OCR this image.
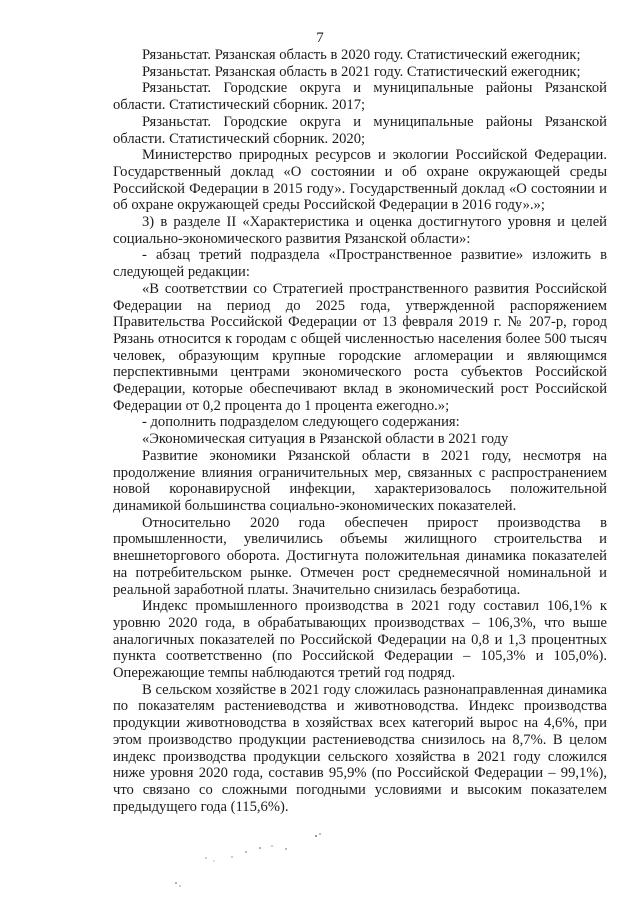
7

Рязаньстат. Рязанская область в 2020 году. Статистический ежегодник;

Рязаньстат. Рязанская область в 2021 году. Статистический ежегодник;

Рязаньстат. Городские округа и муниципальные районы Рязанской области. Статистический сборник. 2017;

Рязаньстат. Городские округа и муниципальные районы Рязанской области. Статистический сборник. 2020;

Министерство природных ресурсов и экологии Российской Федерации. Государственный доклад «О состоянии и об охране окружающей среды Российской Федерации в 2015 году». Государственный доклад «О состоянии и об охране окружающей среды Российской Федерации в 2016 году».»;

3) в разделе II «Характеристика и оценка достигнутого уровня и целей социально-экономического развития Рязанской области»:

- абзац третий подраздела «Пространственное развитие» изложить в следующей редакции:

«В соответствии со Стратегией пространственного развития Российской Федерации на период до 2025 года, утвержденной распоряжением Правительства Российской Федерации от 13 февраля 2019 г. № 207-р, город Рязань относится к городам с общей численностью населения более 500 тысяч человек, образующим крупные городские агломерации и являющимся перспективными центрами экономического роста субъектов Российской Федерации, которые обеспечивают вклад в экономический рост Российской Федерации от 0,2 процента до 1 процента ежегодно.»;

- дополнить подразделом следующего содержания:

«Экономическая ситуация в Рязанской области в 2021 году

Развитие экономики Рязанской области в 2021 году, несмотря на продолжение влияния ограничительных мер, связанных с распространением новой коронавирусной инфекции, характеризовалось положительной динамикой большинства социально-экономических показателей.

Относительно 2020 года обеспечен прирост производства в промышленности, увеличились объемы жилищного строительства и внешнеторгового оборота. Достигнута положительная динамика показателей на потребительском рынке. Отмечен рост среднемесячной номинальной и реальной заработной платы. Значительно снизилась безработица.

Индекс промышленного производства в 2021 году составил 106,1% к уровню 2020 года, в обрабатывающих производствах – 106,3%, что выше аналогичных показателей по Российской Федерации на 0,8 и 1,3 процентных пункта соответственно (по Российской Федерации – 105,3% и 105,0%). Опережающие темпы наблюдаются третий год подряд.

В сельском хозяйстве в 2021 году сложилась разнонаправленная динамика по показателям растениеводства и животноводства. Индекс производства продукции животноводства в хозяйствах всех категорий вырос на 4,6%, при этом производство продукции растениеводства снизилось на 8,7%. В целом индекс производства продукции сельского хозяйства в 2021 году сложился ниже уровня 2020 года, составив 95,9% (по Российской Федерации – 99,1%), что связано со сложными погодными условиями и высоким показателем предыдущего года (115,6%).
